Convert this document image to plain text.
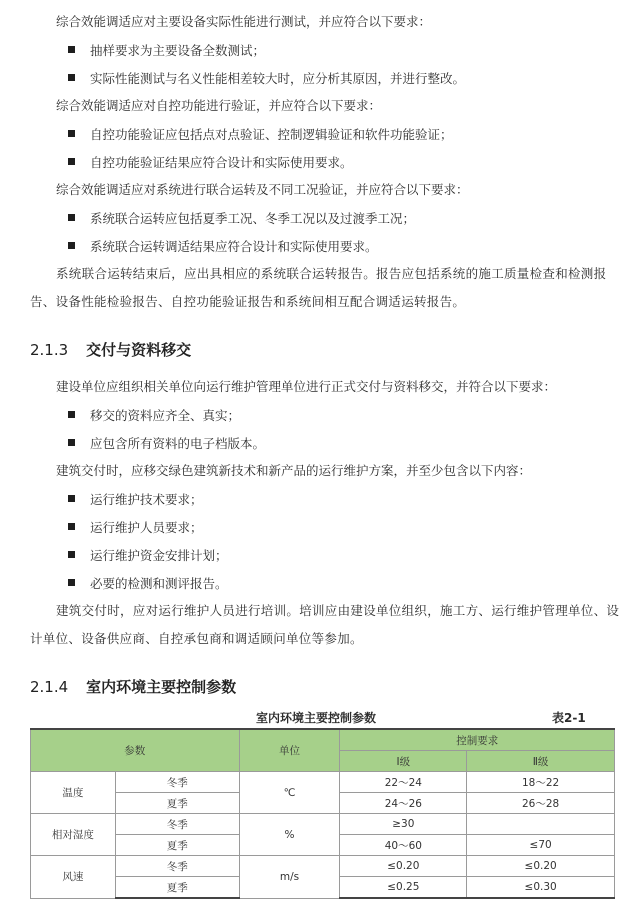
综合效能调适应对主要设备实际性能进行测试，并应符合以下要求：
抽样要求为主要设备全数测试；
实际性能测试与名义性能相差较大时，应分析其原因，并进行整改。
综合效能调适应对自控功能进行验证，并应符合以下要求：
自控功能验证应包括点对点验证、控制逻辑验证和软件功能验证；
自控功能验证结果应符合设计和实际使用要求。
综合效能调适应对系统进行联合运转及不同工况验证，并应符合以下要求：
系统联合运转应包括夏季工况、冬季工况以及过渡季工况；
系统联合运转调适结果应符合设计和实际使用要求。
系统联合运转结束后，应出具相应的系统联合运转报告。报告应包括系统的施工质量检查和检测报告、设备性能检验报告、自控功能验证报告和系统间相互配合调适运转报告。
2.1.3 交付与资料移交
建设单位应组织相关单位向运行维护管理单位进行正式交付与资料移交，并符合以下要求：
移交的资料应齐全、真实；
应包含所有资料的电子档版本。
建筑交付时，应移交绿色建筑新技术和新产品的运行维护方案，并至少包含以下内容：
运行维护技术要求；
运行维护人员要求；
运行维护资金安排计划；
必要的检测和测评报告。
建筑交付时，应对运行维护人员进行培训。培训应由建设单位组织，施工方、运行维护管理单位、设计单位、设备供应商、自控承包商和调适顾问单位等参加。
2.1.4 室内环境主要控制参数
室内环境主要控制参数	表2-1
参数		单位	控制要求	
			Ⅰ级	Ⅱ级
温度	冬季	℃	22～24	18～22
	夏季		24～26	26～28
相对湿度	冬季	%	≥30	
	夏季		40～60	≤70
风速	冬季	m/s	≤0.20	≤0.20
	夏季		≤0.25	≤0.30
